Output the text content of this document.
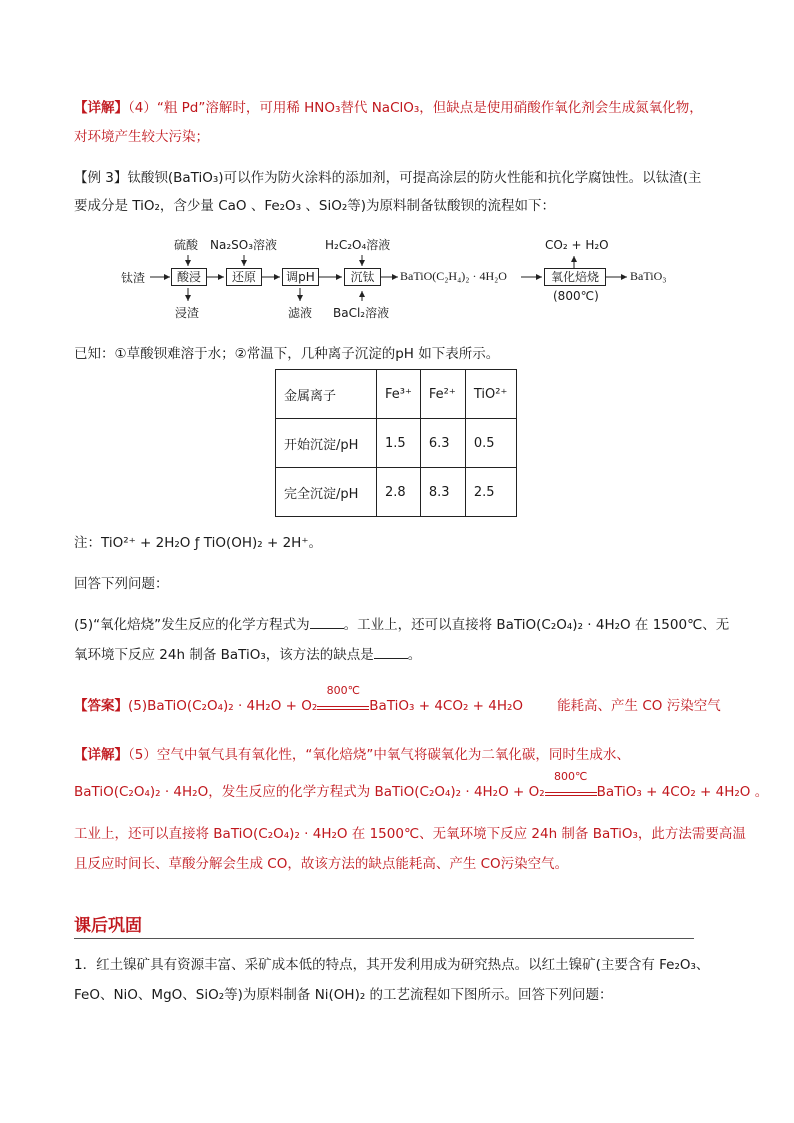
【详解】（4）“粗 Pd”溶解时，可用稀 HNO₃替代 NaClO₃，但缺点是使用硝酸作氧化剂会生成氮氧化物，
对环境产生较大污染；
【例 3】钛酸钡(BaTiO₃)可以作为防火涂料的添加剂，可提高涂层的防火性能和抗化学腐蚀性。以钛渣(主
要成分是 TiO₂，含少量 CaO 、Fe₂O₃ 、SiO₂等)为原料制备钛酸钡的流程如下：
钛渣	酸浸	还原	调pH	沉钛	氧化焙烧
硫酸 Na₂SO₃溶液	H₂C₂O₄溶液	CO₂ + H₂O
浸渣	滤液 BaCl₂溶液
(800℃)
BaTiO(C₂H₄)₂ · 4H₂O	BaTiO₃
已知：①草酸钡难溶于水；②常温下，几种离子沉淀的pH 如下表所示。
金属离子	Fe³⁺	Fe²⁺	TiO²⁺
开始沉淀/pH	1.5	6.3	0.5
完全沉淀/pH	2.8	8.3	2.5
注：TiO²⁺ + 2H₂O ƒ TiO(OH)₂ + 2H⁺。
回答下列问题：
(5)“氧化焙烧”发生反应的化学方程式为	。工业上，还可以直接将 BaTiO(C₂O₄)₂ · 4H₂O 在 1500℃、无
氧环境下反应 24h 制备 BaTiO₃，该方法的缺点是	。
【答案】(5)BaTiO(C₂O₄)₂ · 4H₂O + O₂
800℃
BaTiO₃ + 4CO₂ + 4H₂O	能耗高、产生 CO 污染空气
【详解】（5）空气中氧气具有氧化性，“氧化焙烧”中氧气将碳氧化为二氧化碳，同时生成水、
BaTiO(C₂O₄)₂ · 4H₂O，发生反应的化学方程式为 BaTiO(C₂O₄)₂ · 4H₂O + O₂
800℃
BaTiO₃ + 4CO₂ + 4H₂O 。
工业上，还可以直接将 BaTiO(C₂O₄)₂ · 4H₂O 在 1500℃、无氧环境下反应 24h 制备 BaTiO₃，此方法需要高温
且反应时间长、草酸分解会生成 CO，故该方法的缺点能耗高、产生 CO污染空气。
课后巩固
1．红土镍矿具有资源丰富、采矿成本低的特点，其开发利用成为研究热点。以红土镍矿(主要含有 Fe₂O₃、
FeO、NiO、MgO、SiO₂等)为原料制备 Ni(OH)₂ 的工艺流程如下图所示。回答下列问题：
